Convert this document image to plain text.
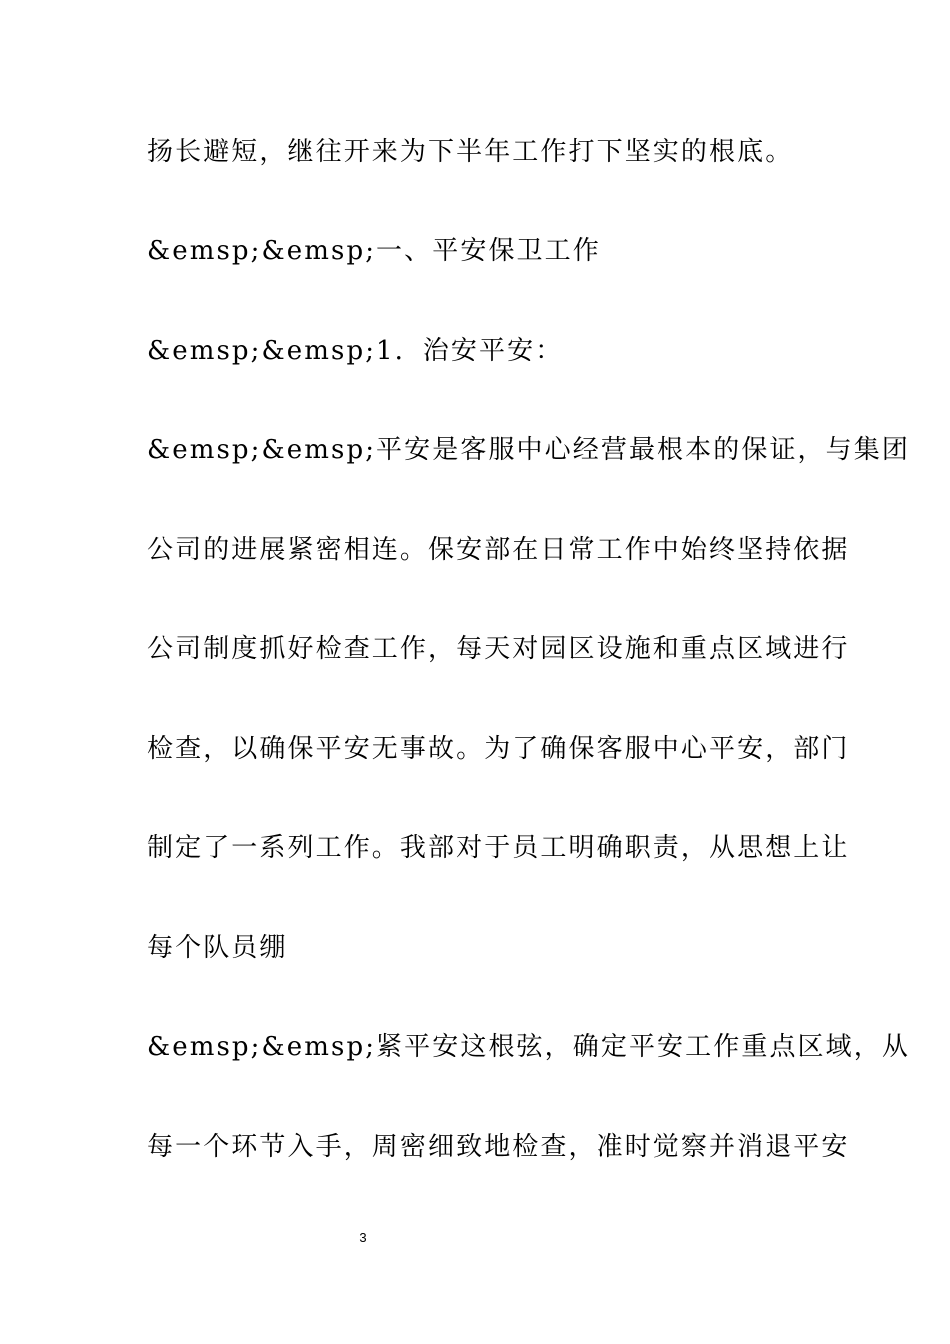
扬长避短，继往开来为下半年工作打下坚实的根底。
&emsp;&emsp;一、平安保卫工作
&emsp;&emsp;1．治安平安：
&emsp;&emsp;平安是客服中心经营最根本的保证，与集团
公司的进展紧密相连。保安部在日常工作中始终坚持依据
公司制度抓好检查工作，每天对园区设施和重点区域进行
检查，以确保平安无事故。为了确保客服中心平安，部门
制定了一系列工作。我部对于员工明确职责，从思想上让
每个队员绷
&emsp;&emsp;紧平安这根弦，确定平安工作重点区域，从
每一个环节入手，周密细致地检查，准时觉察并消退平安
3
